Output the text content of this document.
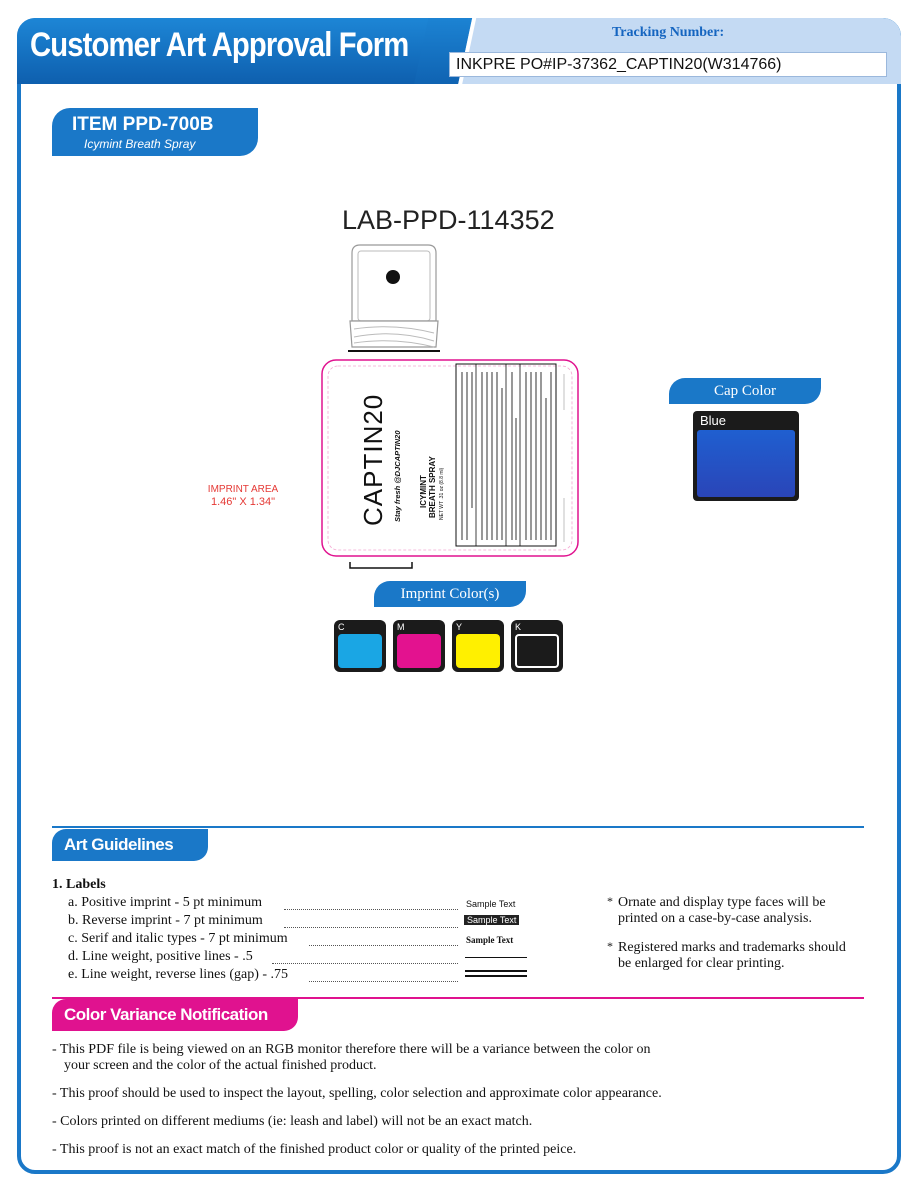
Customer Art Approval Form	Tracking Number:
INKPRE PO#IP-37362_CAPTIN20(W314766)
ITEM PPD-700B
Icymint Breath Spray
LAB-PPD-114352
CAPTIN20 Stay fresh @DJCAPTIN20 ICYMINT BREATH SPRAY NET WT .31 oz (8.8 ml)
IMPRINT AREA
1.46" X 1.34"
Imprint Color(s)
C	M	Y	K
Cap Color
Blue
Art Guidelines
1. Labels
a. Positive imprint - 5 pt minimum
b. Reverse imprint - 7 pt minimum
c. Serif and italic types - 7 pt minimum
d. Line weight, positive lines - .5
e. Line weight, reverse lines (gap) - .75
Sample Text
Sample Text
Sample Text
* Ornate and display type faces will be
printed on a case-by-case analysis.
* Registered marks and trademarks should
be enlarged for clear printing.
Color Variance Notification
- This PDF file is being viewed on an RGB monitor therefore there will be a variance between the color on
your screen and the color of the actual finished product.
- This proof should be used to inspect the layout, spelling, color selection and approximate color appearance.
- Colors printed on different mediums (ie: leash and label) will not be an exact match.
- This proof is not an exact match of the finished product color or quality of the printed peice.
